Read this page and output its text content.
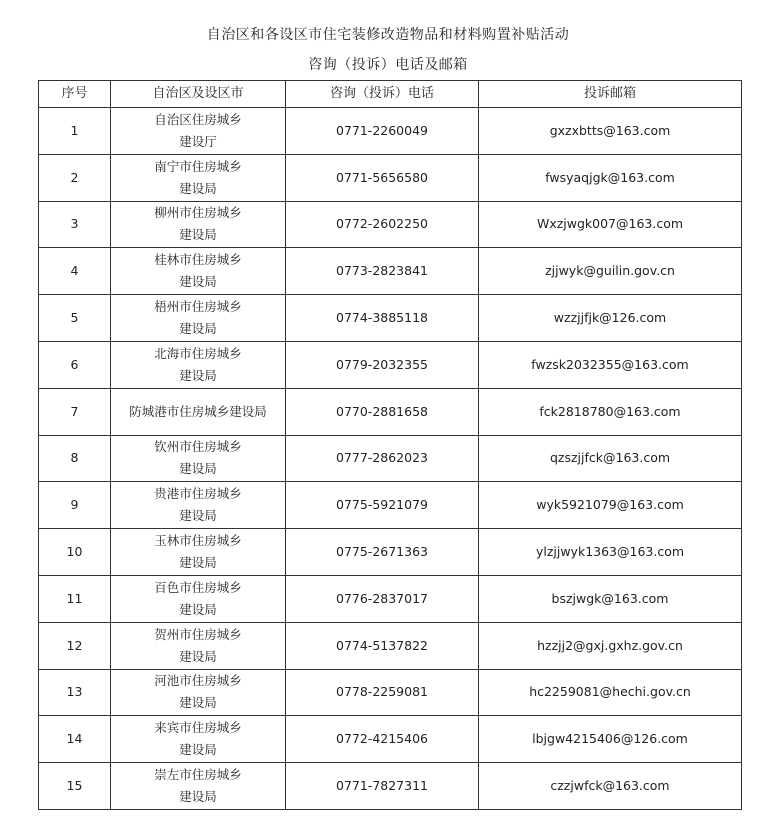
自治区和各设区市住宅装修改造物品和材料购置补贴活动
咨询（投诉）电话及邮箱
序号	自治区及设区市	咨询（投诉）电话	投诉邮箱
1	自治区住房城乡
建设厅	0771-2260049	gxzxbtts@163.com
2	南宁市住房城乡
建设局	0771-5656580	fwsyaqjgk@163.com
3	柳州市住房城乡
建设局	0772-2602250	Wxzjwgk007@163.com
4	桂林市住房城乡
建设局	0773-2823841	zjjwyk@guilin.gov.cn
5	梧州市住房城乡
建设局	0774-3885118	wzzjjfjk@126.com
6	北海市住房城乡
建设局	0779-2032355	fwzsk2032355@163.com
7	防城港市住房城乡建设局	0770-2881658	fck2818780@163.com
8	钦州市住房城乡
建设局	0777-2862023	qzszjjfck@163.com
9	贵港市住房城乡
建设局	0775-5921079	wyk5921079@163.com
10	玉林市住房城乡
建设局	0775-2671363	ylzjjwyk1363@163.com
11	百色市住房城乡
建设局	0776-2837017	bszjwgk@163.com
12	贺州市住房城乡
建设局	0774-5137822	hzzjj2@gxj.gxhz.gov.cn
13	河池市住房城乡
建设局	0778-2259081	hc2259081@hechi.gov.cn
14	来宾市住房城乡
建设局	0772-4215406	lbjgw4215406@126.com
15	崇左市住房城乡
建设局	0771-7827311	czzjwfck@163.com
